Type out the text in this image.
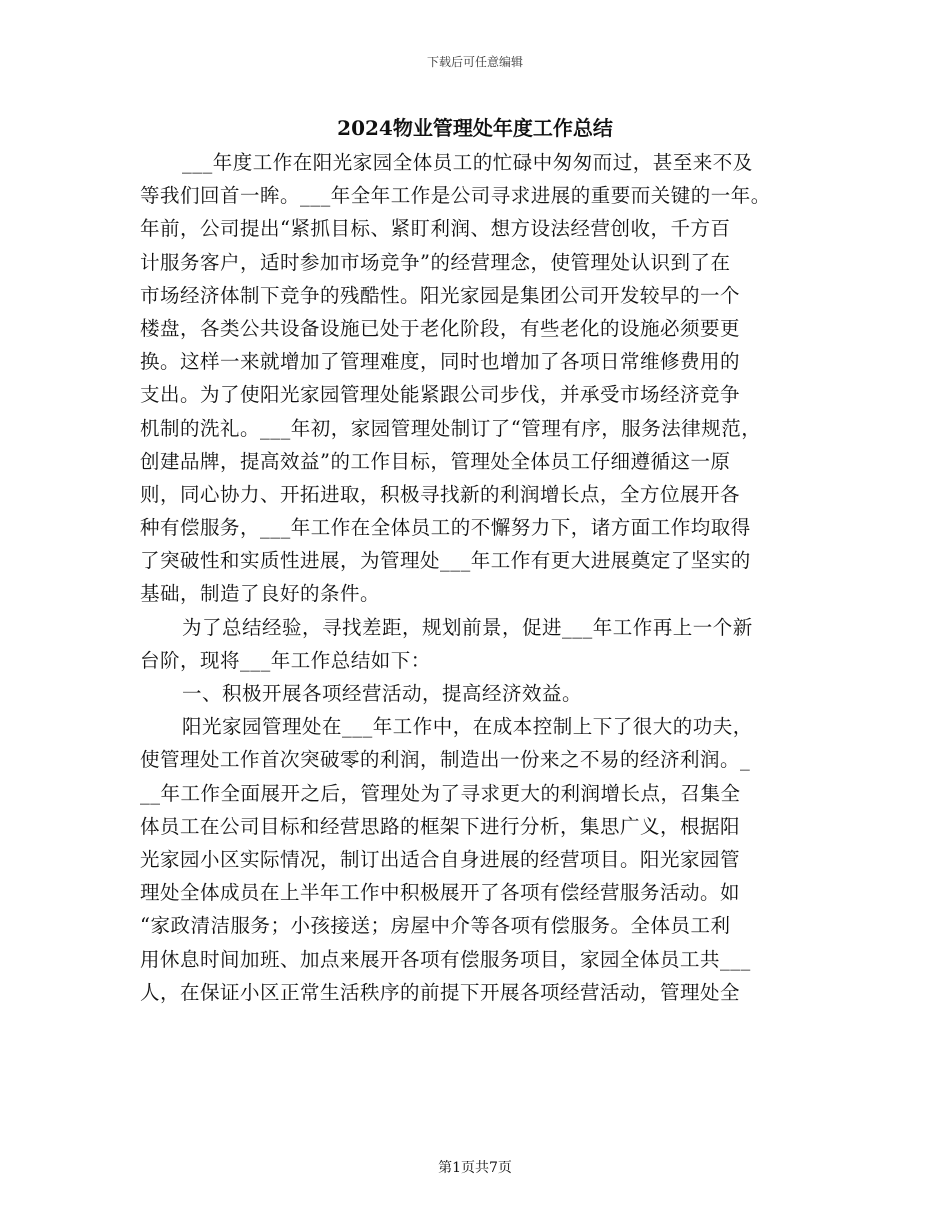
下载后可任意编辑
2024物业管理处年度工作总结
___年度工作在阳光家园全体员工的忙碌中匆匆而过，甚至来不及
等我们回首一眸。___年全年工作是公司寻求进展的重要而关键的一年。
年前，公司提出“紧抓目标、紧盯利润、想方设法经营创收，千方百
计服务客户，适时参加市场竞争”的经营理念，使管理处认识到了在
市场经济体制下竞争的残酷性。阳光家园是集团公司开发较早的一个
楼盘，各类公共设备设施已处于老化阶段，有些老化的设施必须要更
换。这样一来就增加了管理难度，同时也增加了各项日常维修费用的
支出。为了使阳光家园管理处能紧跟公司步伐，并承受市场经济竞争
机制的洗礼。___年初，家园管理处制订了“管理有序，服务法律规范，
创建品牌，提高效益”的工作目标，管理处全体员工仔细遵循这一原
则，同心协力、开拓进取，积极寻找新的利润增长点，全方位展开各
种有偿服务，___年工作在全体员工的不懈努力下，诸方面工作均取得
了突破性和实质性进展，为管理处___年工作有更大进展奠定了坚实的
基础，制造了良好的条件。
为了总结经验，寻找差距，规划前景，促进___年工作再上一个新
台阶，现将___年工作总结如下：
一、积极开展各项经营活动，提高经济效益。
阳光家园管理处在___年工作中，在成本控制上下了很大的功夫，
使管理处工作首次突破零的利润，制造出一份来之不易的经济利润。_
__年工作全面展开之后，管理处为了寻求更大的利润增长点，召集全
体员工在公司目标和经营思路的框架下进行分析，集思广义，根据阳
光家园小区实际情况，制订出适合自身进展的经营项目。阳光家园管
理处全体成员在上半年工作中积极展开了各项有偿经营服务活动。如
“家政清洁服务；小孩接送；房屋中介等各项有偿服务。全体员工利
用休息时间加班、加点来展开各项有偿服务项目，家园全体员工共___
人，在保证小区正常生活秩序的前提下开展各项经营活动，管理处全
第1页共7页
